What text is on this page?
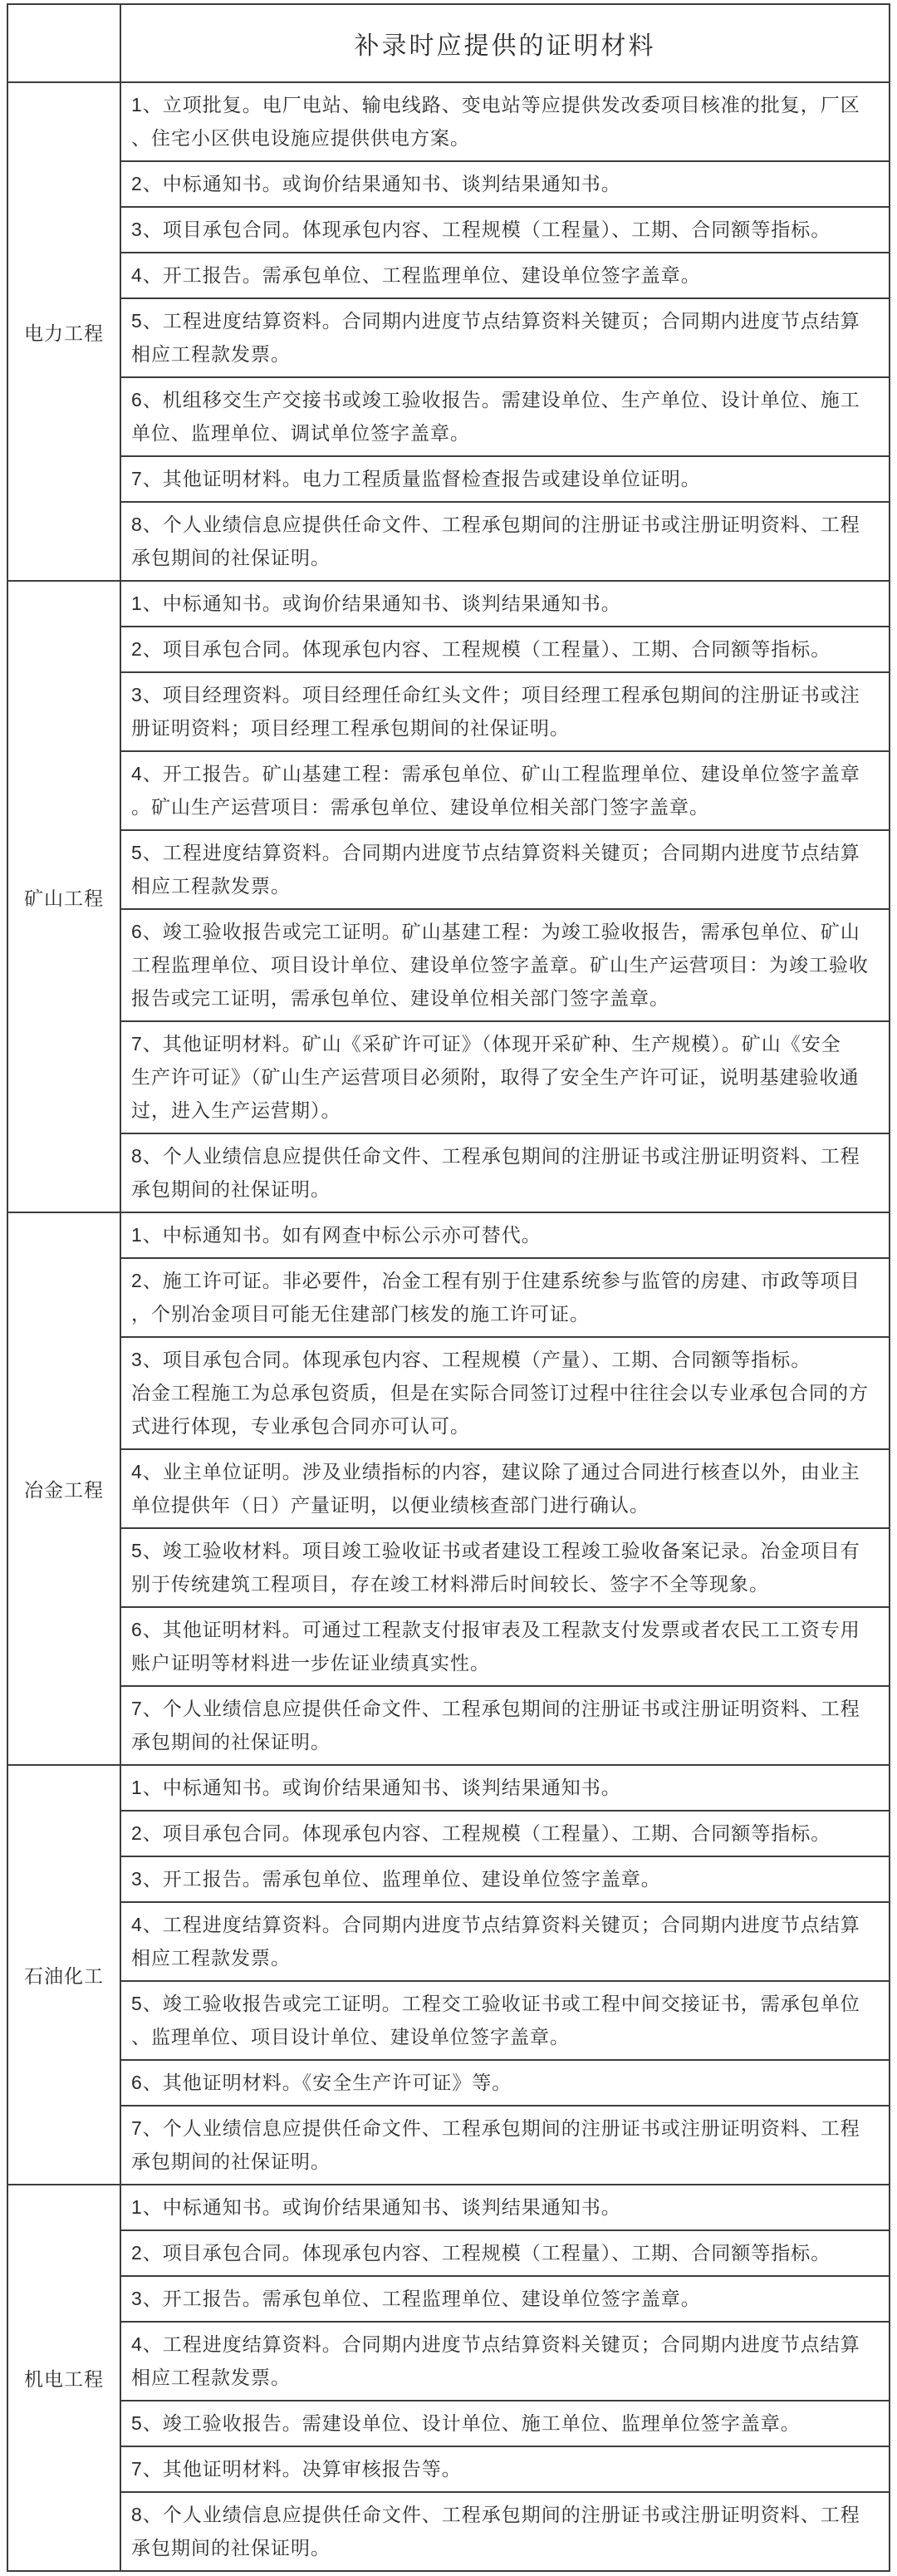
补录时应提供的证明材料
电力工程
1、立项批复。电厂电站、输电线路、变电站等应提供发改委项目核准的批复，厂区
、住宅小区供电设施应提供供电方案。
2、中标通知书。或询价结果通知书、谈判结果通知书。
3、项目承包合同。体现承包内容、工程规模（工程量）、工期、合同额等指标。
4、开工报告。需承包单位、工程监理单位、建设单位签字盖章。
5、工程进度结算资料。合同期内进度节点结算资料关键页；合同期内进度节点结算
相应工程款发票。
6、机组移交生产交接书或竣工验收报告。需建设单位、生产单位、设计单位、施工
单位、监理单位、调试单位签字盖章。
7、其他证明材料。电力工程质量监督检查报告或建设单位证明。
8、个人业绩信息应提供任命文件、工程承包期间的注册证书或注册证明资料、工程
承包期间的社保证明。
矿山工程
1、中标通知书。或询价结果通知书、谈判结果通知书。
2、项目承包合同。体现承包内容、工程规模（工程量）、工期、合同额等指标。
3、项目经理资料。项目经理任命红头文件；项目经理工程承包期间的注册证书或注
册证明资料；项目经理工程承包期间的社保证明。
4、开工报告。矿山基建工程：需承包单位、矿山工程监理单位、建设单位签字盖章
。矿山生产运营项目：需承包单位、建设单位相关部门签字盖章。
5、工程进度结算资料。合同期内进度节点结算资料关键页；合同期内进度节点结算
相应工程款发票。
6、竣工验收报告或完工证明。矿山基建工程：为竣工验收报告，需承包单位、矿山
工程监理单位、项目设计单位、建设单位签字盖章。矿山生产运营项目：为竣工验收
报告或完工证明，需承包单位、建设单位相关部门签字盖章。
7、其他证明材料。矿山《采矿许可证》（体现开采矿种、生产规模）。矿山《安全
生产许可证》（矿山生产运营项目必须附，取得了安全生产许可证，说明基建验收通
过，进入生产运营期）。
8、个人业绩信息应提供任命文件、工程承包期间的注册证书或注册证明资料、工程
承包期间的社保证明。
冶金工程
1、中标通知书。如有网查中标公示亦可替代。
2、施工许可证。非必要件，冶金工程有别于住建系统参与监管的房建、市政等项目
，个别冶金项目可能无住建部门核发的施工许可证。
3、项目承包合同。体现承包内容、工程规模（产量）、工期、合同额等指标。
冶金工程施工为总承包资质，但是在实际合同签订过程中往往会以专业承包合同的方
式进行体现，专业承包合同亦可认可。
4、业主单位证明。涉及业绩指标的内容，建议除了通过合同进行核查以外，由业主
单位提供年（日）产量证明，以便业绩核查部门进行确认。
5、竣工验收材料。项目竣工验收证书或者建设工程竣工验收备案记录。冶金项目有
别于传统建筑工程项目，存在竣工材料滞后时间较长、签字不全等现象。
6、其他证明材料。可通过工程款支付报审表及工程款支付发票或者农民工工资专用
账户证明等材料进一步佐证业绩真实性。
7、个人业绩信息应提供任命文件、工程承包期间的注册证书或注册证明资料、工程
承包期间的社保证明。
石油化工
1、中标通知书。或询价结果通知书、谈判结果通知书。
2、项目承包合同。体现承包内容、工程规模（工程量）、工期、合同额等指标。
3、开工报告。需承包单位、监理单位、建设单位签字盖章。
4、工程进度结算资料。合同期内进度节点结算资料关键页；合同期内进度节点结算
相应工程款发票。
5、竣工验收报告或完工证明。工程交工验收证书或工程中间交接证书，需承包单位
、监理单位、项目设计单位、建设单位签字盖章。
6、其他证明材料。《安全生产许可证》等。
7、个人业绩信息应提供任命文件、工程承包期间的注册证书或注册证明资料、工程
承包期间的社保证明。
机电工程
1、中标通知书。或询价结果通知书、谈判结果通知书。
2、项目承包合同。体现承包内容、工程规模（工程量）、工期、合同额等指标。
3、开工报告。需承包单位、工程监理单位、建设单位签字盖章。
4、工程进度结算资料。合同期内进度节点结算资料关键页；合同期内进度节点结算
相应工程款发票。
5、竣工验收报告。需建设单位、设计单位、施工单位、监理单位签字盖章。
7、其他证明材料。决算审核报告等。
8、个人业绩信息应提供任命文件、工程承包期间的注册证书或注册证明资料、工程
承包期间的社保证明。
